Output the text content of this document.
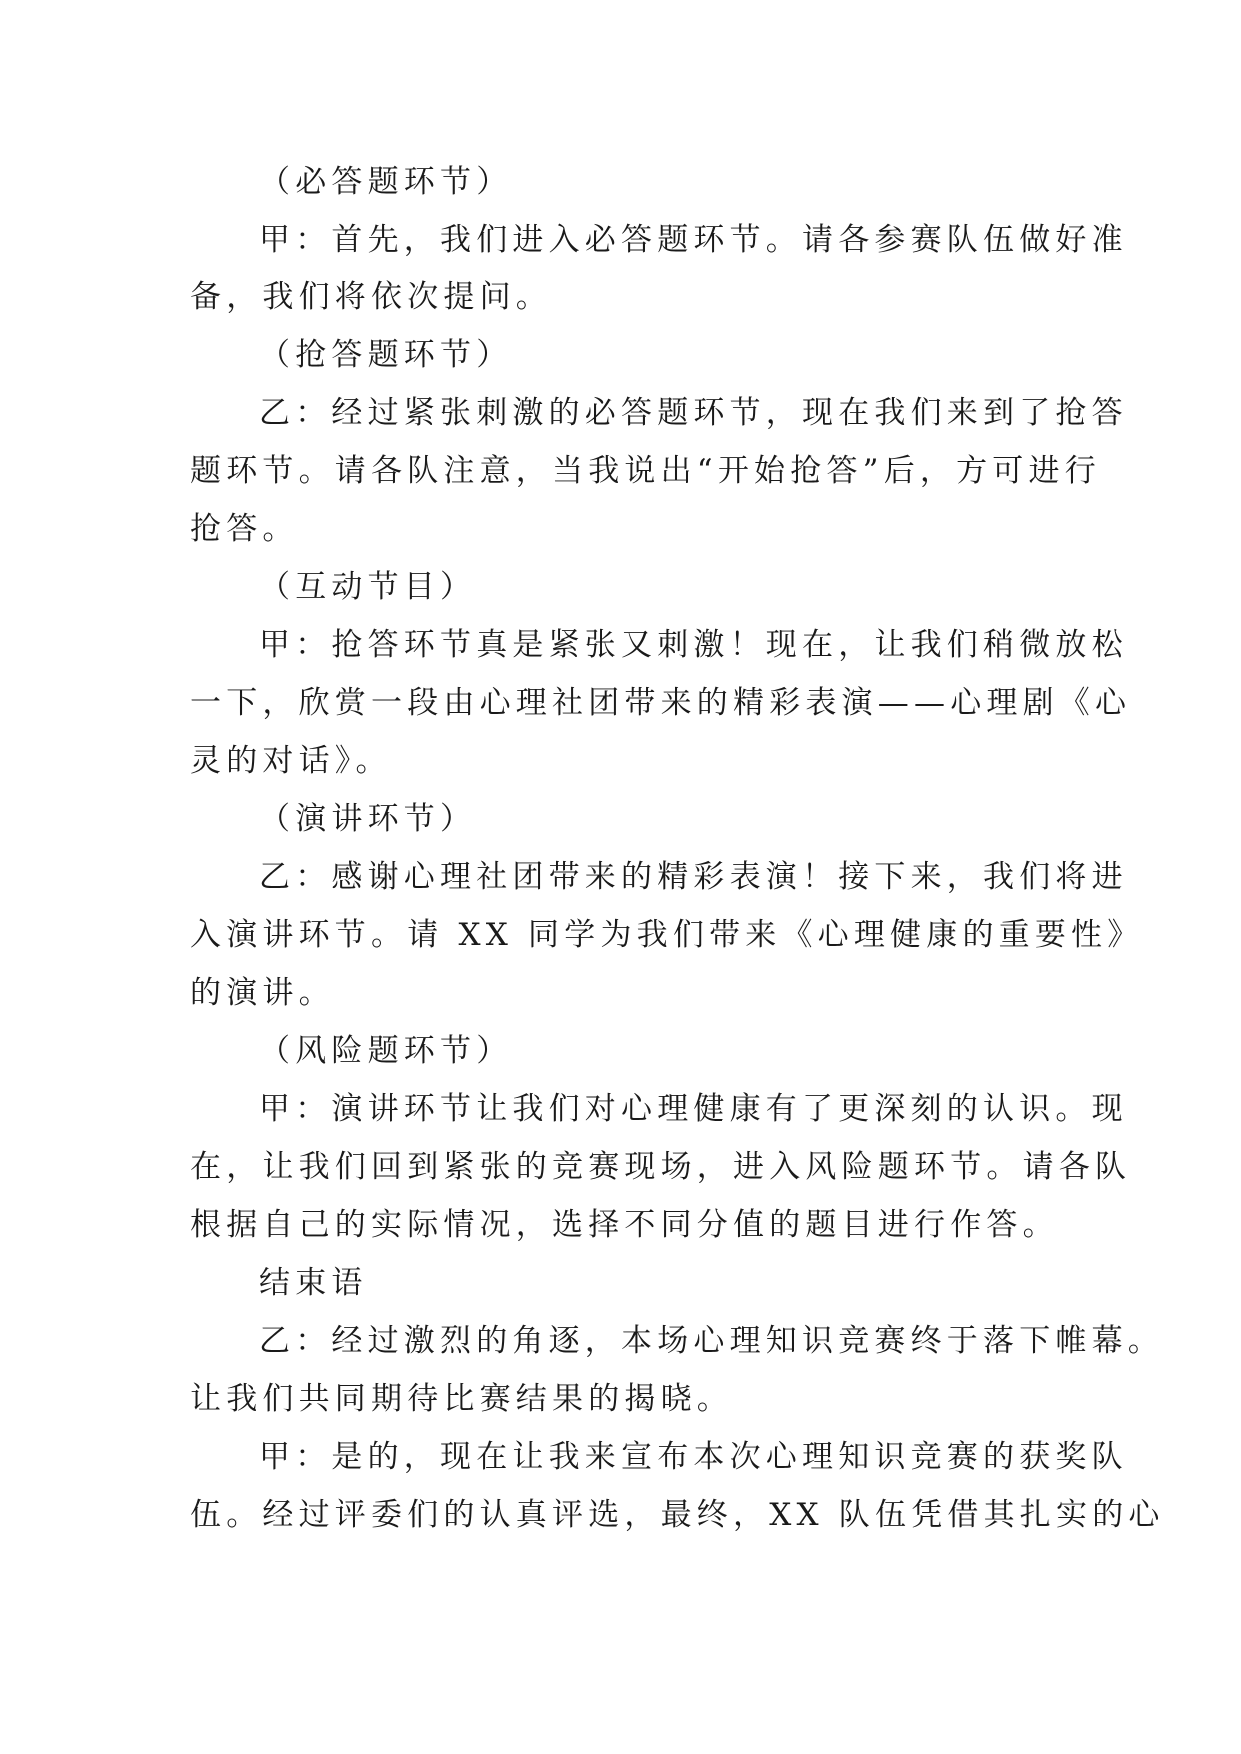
（必答题环节）
甲：首先，我们进入必答题环节。请各参赛队伍做好准
备，我们将依次提问。
（抢答题环节）
乙：经过紧张刺激的必答题环节，现在我们来到了抢答
题环节。请各队注意，当我说出“开始抢答”后，方可进行
抢答。
（互动节目）
甲：抢答环节真是紧张又刺激！现在，让我们稍微放松
一下，欣赏一段由心理社团带来的精彩表演——心理剧《心
灵的对话》。
（演讲环节）
乙：感谢心理社团带来的精彩表演！接下来，我们将进
入演讲环节。请 XX 同学为我们带来《心理健康的重要性》
的演讲。
（风险题环节）
甲：演讲环节让我们对心理健康有了更深刻的认识。现
在，让我们回到紧张的竞赛现场，进入风险题环节。请各队
根据自己的实际情况，选择不同分值的题目进行作答。
结束语
乙：经过激烈的角逐，本场心理知识竞赛终于落下帷幕。
让我们共同期待比赛结果的揭晓。
甲：是的，现在让我来宣布本次心理知识竞赛的获奖队
伍。经过评委们的认真评选，最终，XX 队伍凭借其扎实的心
